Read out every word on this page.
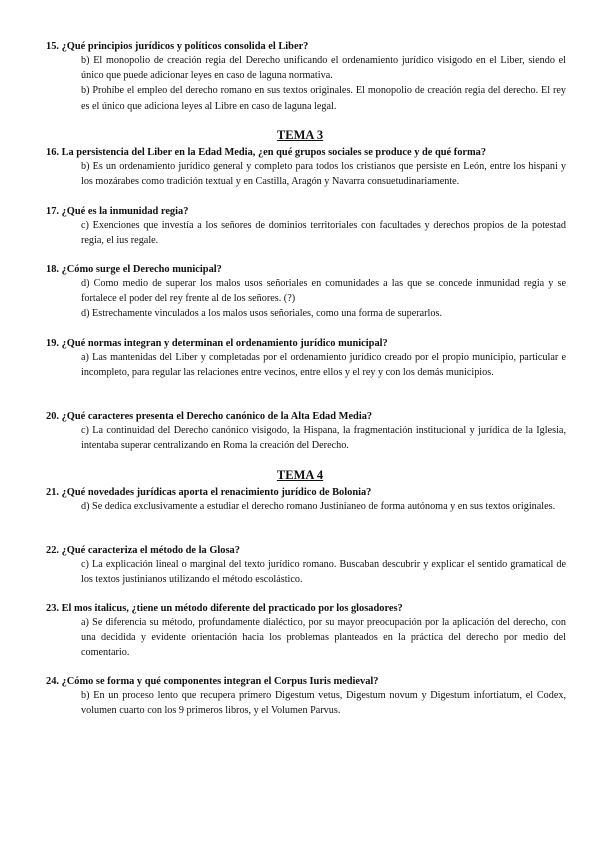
15. ¿Qué principios jurídicos y políticos consolida el Liber?
b) El monopolio de creación regia del Derecho unificando el ordenamiento jurídico visigodo en el Liber, siendo el único que puede adicionar leyes en caso de laguna normativa.
b) Prohíbe el empleo del derecho romano en sus textos originales. El monopolio de creación regia del derecho. El rey es el único que adiciona leyes al Libre en caso de laguna legal.
TEMA 3
16. La persistencia del Liber en la Edad Media, ¿en qué grupos sociales se produce y de qué forma?
b) Es un ordenamiento jurídico general y completo para todos los cristianos que persiste en León, entre los hispani y los mozárabes como tradición textual y en Castilla, Aragón y Navarra consuetudinariamente.
17. ¿Qué es la inmunidad regia?
c) Exenciones que investía a los señores de dominios territoriales con facultades y derechos propios de la potestad regia, el ius regale.
18. ¿Cómo surge el Derecho municipal?
d) Como medio de superar los malos usos señoriales en comunidades a las que se concede inmunidad regia y se fortalece el poder del rey frente al de los señores. (?)
d) Estrechamente vinculados a los malos usos señoriales, como una forma de superarlos.
19. ¿Qué normas integran y determinan el ordenamiento jurídico municipal?
a) Las mantenidas del Liber y completadas por el ordenamiento jurídico creado por el propio municipio, particular e incompleto, para regular las relaciones entre vecinos, entre ellos y el rey y con los demás municipios.
20. ¿Qué caracteres presenta el Derecho canónico de la Alta Edad Media?
c) La continuidad del Derecho canónico visigodo, la Hispana, la fragmentación institucional y jurídica de la Iglesia, intentaba superar centralizando en Roma la creación del Derecho.
TEMA 4
21. ¿Qué novedades jurídicas aporta el renacimiento jurídico de Bolonia?
d) Se dedica exclusivamente a estudiar el derecho romano Justinianeo de forma autónoma y en sus textos originales.
22. ¿Qué caracteriza el método de la Glosa?
c) La explicación lineal o marginal del texto jurídico romano. Buscaban descubrir y explicar el sentido gramatical de los textos justinianos utilizando el método escolástico.
23. El mos italicus, ¿tiene un método diferente del practicado por los glosadores?
a) Se diferencia su método, profundamente dialéctico, por su mayor preocupación por la aplicación del derecho, con una decidida y evidente orientación hacia los problemas planteados en la práctica del derecho por medio del comentario.
24. ¿Cómo se forma y qué componentes integran el Corpus Iuris medieval?
b) En un proceso lento que recupera primero Digestum vetus, Digestum novum y Digestum infortiatum, el Codex, volumen cuarto con los 9 primeros libros, y el Volumen Parvus.
